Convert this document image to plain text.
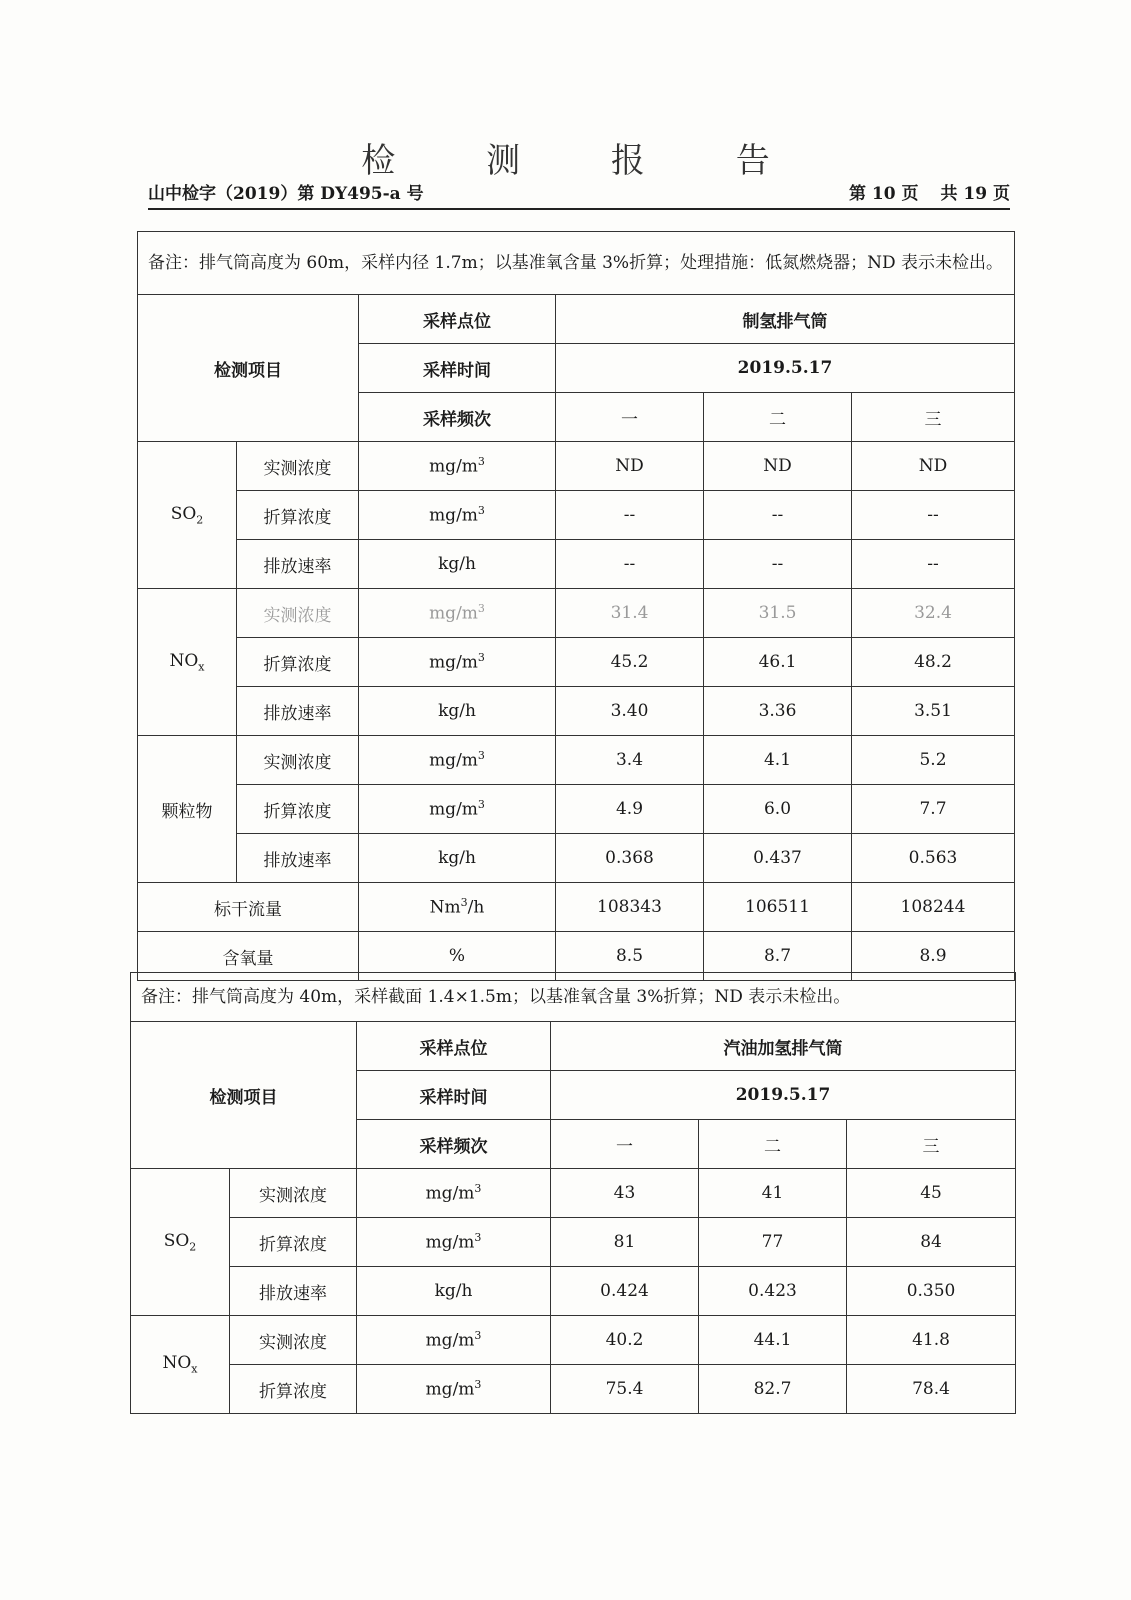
检 测 报 告
山中检字（2019）第 DY495-a 号	第 10 页 共 19 页
备注：排气筒高度为 60m，采样内径 1.7m；以基准氧含量 3%折算；处理措施：低氮燃烧器；ND 表示未检出。					
检测项目		采样点位	制氢排气筒		
		采样时间	2019.5.17		
		采样频次	一	二	三
$SO_2$	实测浓度	$mg/m^3$	ND	ND	ND
	折算浓度	$mg/m^3$	--	--	--
	排放速率	kg/h	--	--	--
$NO_x$	实测浓度	$mg/m^3$	31.4	31.5	32.4
	折算浓度	$mg/m^3$	45.2	46.1	48.2
	排放速率	kg/h	3.40	3.36	3.51
颗粒物	实测浓度	$mg/m^3$	3.4	4.1	5.2
	折算浓度	$mg/m^3$	4.9	6.0	7.7
	排放速率	kg/h	0.368	0.437	0.563
标干流量		Nm$^3$/h	108343	106511	108244
含氧量		%	8.5	8.7	8.9
备注：排气筒高度为 40m，采样截面 1.4×1.5m；以基准氧含量 3%折算；ND 表示未检出。					
检测项目		采样点位	汽油加氢排气筒		
		采样时间	2019.5.17		
		采样频次	一	二	三
$SO_2$	实测浓度	$mg/m^3$	43	41	45
	折算浓度	$mg/m^3$	81	77	84
	排放速率	kg/h	0.424	0.423	0.350
$NO_x$	实测浓度	$mg/m^3$	40.2	44.1	41.8
	折算浓度	$mg/m^3$	75.4	82.7	78.4
